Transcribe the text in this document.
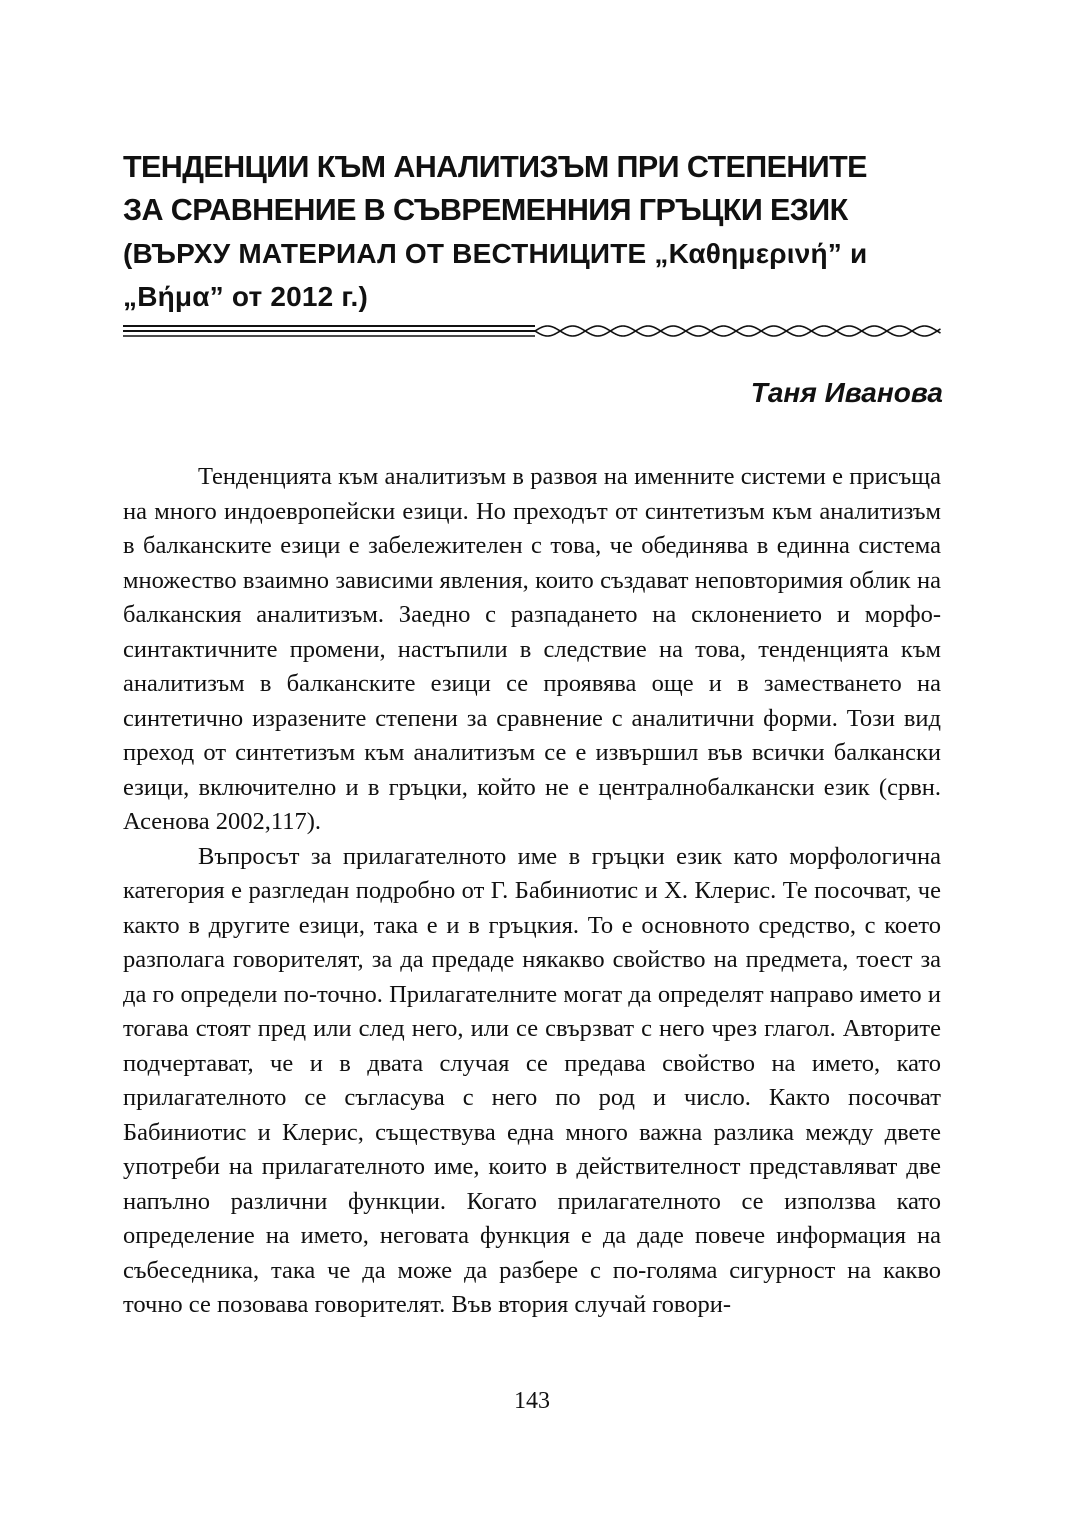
ТЕНДЕНЦИИ КЪМ АНАЛИТИЗЪМ ПРИ СТЕПЕНИТЕ
ЗА СРАВНЕНИЕ В СЪВРЕМЕННИЯ ГРЪЦКИ ЕЗИК
(ВЪРХУ МАТЕРИАЛ ОТ ВЕСТНИЦИТЕ „Καθημερινή” и
„Βήμα” от 2012 г.)
Таня Иванова

Тенденцията към аналитизъм в развоя на именните системи е присъща на много индоевропейски езици. Но преходът от синтетизъм към аналитизъм в балканските езици е забележителен с това, че обединява в единна система множество взаимно зависими явления, които създават неповторимия облик на балканския аналитизъм. Заедно с разпадането на склонението и морфо-синтактичните промени, настъпили в следствие на това, тенденцията към аналитизъм в балканските езици се проявява още и в заместването на синтетично изразените степени за сравнение с аналитични форми. Този вид преход от синтетизъм към аналитизъм се е извършил във всички балкански езици, включително и в гръцки, който не е централнобалкански език (срвн. Асенова 2002,117).

Въпросът за прилагателното име в гръцки език като морфологична категория е разгледан подробно от Г. Бабиниотис и Х. Клерис. Те посочват, че както в другите езици, така е и в гръцкия. То е основното средство, с което разполага говорителят, за да предаде някакво свойство на предмета, тоест за да го определи по-точно. Прилагателните могат да определят направо името и тогава стоят пред или след него, или се свързват с него чрез глагол. Авторите подчертават, че и в двата случая се предава свойство на името, като прилагателното се съгласува с него по род и число. Както посочват Бабиниотис и Клерис, съществува една много важна разлика между двете употреби на прилагателното име, които в действителност представляват две напълно различни функции. Когато прилагателното се използва като определение на името, неговата функция е да даде повече информация на събеседника, така че да може да разбере с по-голяма сигурност на какво точно се позовава говорителят. Във втория случай говори-

143
